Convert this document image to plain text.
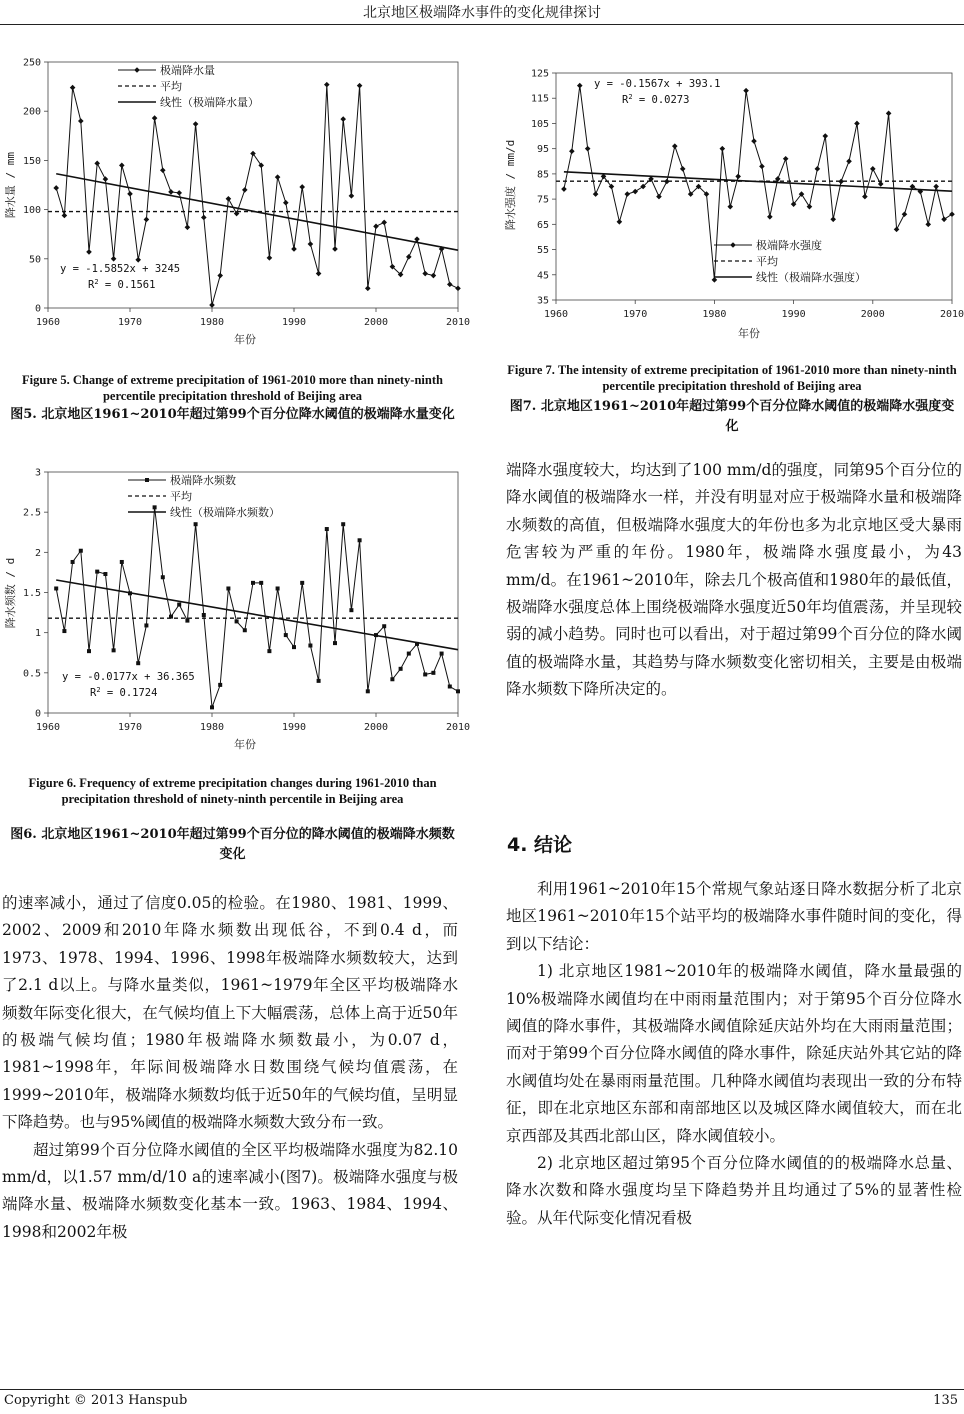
北京地区极端降水事件的变化规律探讨
0
50
100
150
200
250
1960	1970	1980	1990	2000	2010
年份
降水量 / mm
极端降水量
平均
线性（极端降水量）
y = -1.5852x + 3245
$R^2 = 0.1561$
Figure 5. Change of extreme precipitation of 1961-2010 more than ninety-ninth percentile precipitation threshold of Beijing area
图5. 北京地区1961~2010年超过第99个百分位降水阈值的极端降水量变化
0
0.5
1
1.5
2
2.5
3
1960	1970	1980	1990	2000	2010
年份
降水频数 / d
极端降水频数
平均
线性（极端降水频数）
y = -0.0177x + 36.365
$R^2 = 0.1724$
Figure 6. Frequency of extreme precipitation changes during 1961-2010 than precipitation threshold of ninety-ninth percentile in Beijing area
图6. 北京地区1961~2010年超过第99个百分位的降水阈值的极端降水频数变化
35
45
55
65
75
85
95
105
115
125
1960	1970	1980	1990	2000	2010
年份
降水强度 / mm/d
极端降水强度
平均
线性（极端降水强度）
y = -0.1567x + 393.1
$R^2 = 0.0273$
Figure 7. The intensity of extreme precipitation of 1961-2010 more than ninety-ninth percentile precipitation threshold of Beijing area
图7. 北京地区1961~2010年超过第99个百分位降水阈值的极端降水强度变化

的速率减小，通过了信度0.05的检验。在1980、1981、1999、2002、2009和2010年降水频数出现低谷，不到0.4 d，而1973、1978、1994、1996、1998年极端降水频数较大，达到了2.1 d以上。与降水量类似，1961~1979年全区平均极端降水频数年际变化很大，在气候均值上下大幅震荡，总体上高于近50年的极端气候均值；1980年极端降水频数最小，为0.07 d，1981~1998年，年际间极端降水日数围绕气候均值震荡，在1999~2010年，极端降水频数均低于近50年的气候均值，呈明显下降趋势。也与95%阈值的极端降水频数大致分布一致。

超过第99个百分位降水阈值的全区平均极端降水强度为82.10 mm/d，以1.57 mm/d/10 a的速率减小(图7)。极端降水强度与极端降水量、极端降水频数变化基本一致。1963、1984、1994、1998和2002年极

端降水强度较大，均达到了100 mm/d的强度，同第95个百分位的降水阈值的极端降水一样，并没有明显对应于极端降水量和极端降水频数的高值，但极端降水强度大的年份也多为北京地区受大暴雨危害较为严重的年份。1980年，极端降水强度最小，为43 mm/d。在1961~2010年，除去几个极高值和1980年的最低值，极端降水强度总体上围绕极端降水强度近50年均值震荡，并呈现较弱的减小趋势。同时也可以看出，对于超过第99个百分位的降水阈值的极端降水量，其趋势与降水频数变化密切相关，主要是由极端降水频数下降所决定的。

4. 结论

利用1961~2010年15个常规气象站逐日降水数据分析了北京地区1961~2010年15个站平均的极端降水事件随时间的变化，得到以下结论：

1) 北京地区1981~2010年的极端降水阈值，降水量最强的10%极端降水阈值均在中雨雨量范围内；对于第95个百分位降水阈值的降水事件，其极端降水阈值除延庆站外均在大雨雨量范围；而对于第99个百分位降水阈值的降水事件，除延庆站外其它站的降水阈值均处在暴雨雨量范围。几种降水阈值均表现出一致的分布特征，即在北京地区东部和南部地区以及城区降水阈值较大，而在北京西部及其西北部山区，降水阈值较小。

2) 北京地区超过第95个百分位降水阈值的的极端降水总量、降水次数和降水强度均呈下降趋势并且均通过了5%的显著性检验。从年代际变化情况看极

Copyright © 2013 Hanspub	135
